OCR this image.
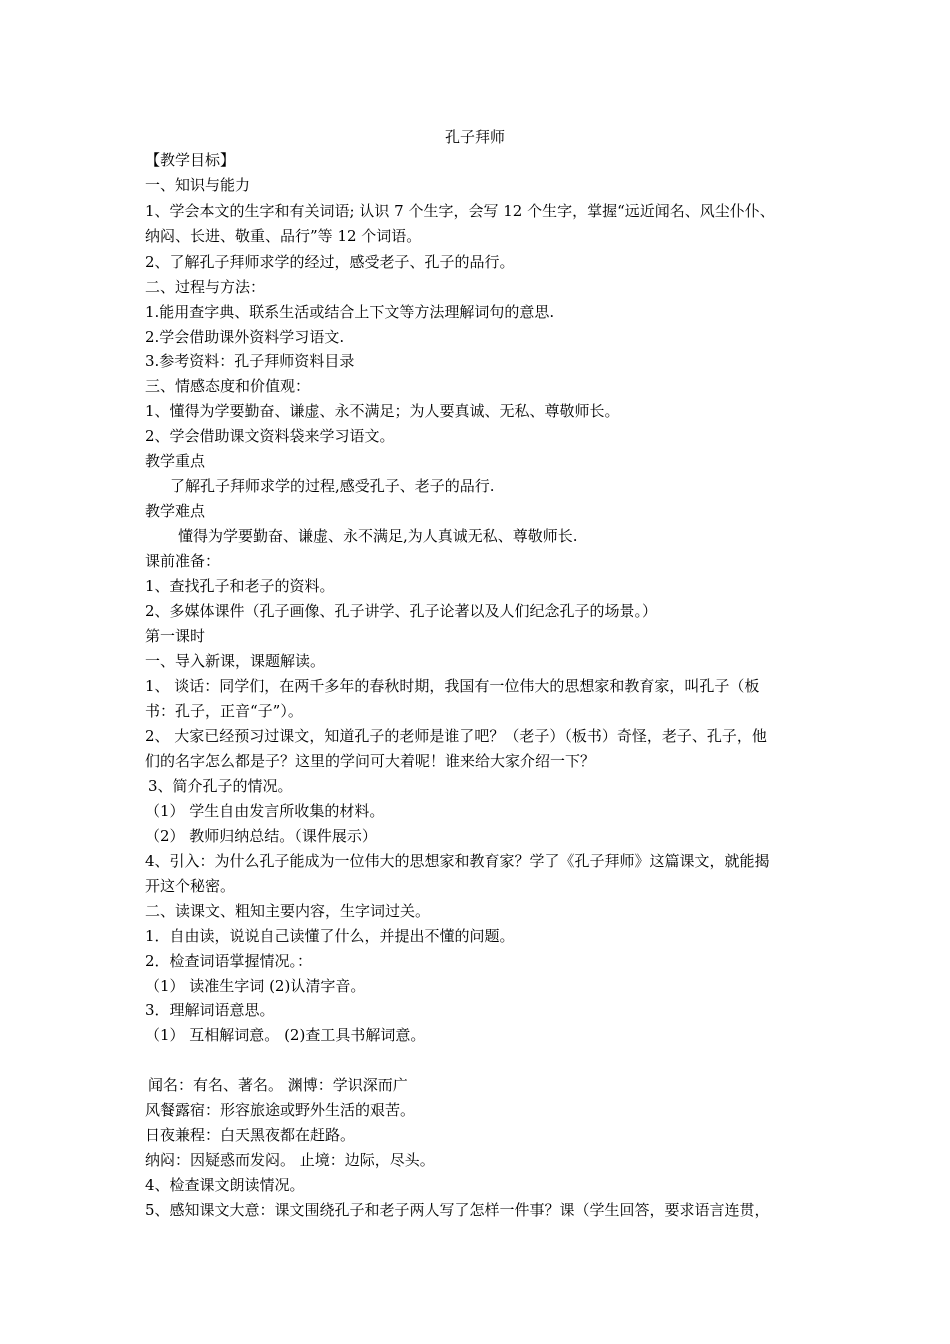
孔子拜师
【教学目标】
一、知识与能力
1、学会本文的生字和有关词语; 认识 7 个生字，会写 12 个生字，掌握“远近闻名、风尘仆仆、
纳闷、长进、敬重、品行”等 12 个词语。
2、了解孔子拜师求学的经过，感受老子、孔子的品行。
二、过程与方法：
1.能用查字典、联系生活或结合上下文等方法理解词句的意思.
2.学会借助课外资料学习语文.
3.参考资料：孔子拜师资料目录
三、情感态度和价值观：
1、懂得为学要勤奋、谦虚、永不满足；为人要真诚、无私、尊敬师长。
2、学会借助课文资料袋来学习语文。
教学重点
了解孔子拜师求学的过程,感受孔子、老子的品行.
教学难点
懂得为学要勤奋、谦虚、永不满足,为人真诚无私、尊敬师长.
课前准备：
1、查找孔子和老子的资料。
2、多媒体课件（孔子画像、孔子讲学、孔子论著以及人们纪念孔子的场景。）
第一课时
一、导入新课，课题解读。
1、 谈话：同学们，在两千多年的春秋时期，我国有一位伟大的思想家和教育家，叫孔子（板
书：孔子，正音“子”）。
2、 大家已经预习过课文，知道孔子的老师是谁了吧？（老子）（板书）奇怪，老子、孔子，他
们的名字怎么都是子？这里的学问可大着呢！谁来给大家介绍一下？
3、简介孔子的情况。
（1） 学生自由发言所收集的材料。
（2） 教师归纳总结。（课件展示）
4、引入：为什么孔子能成为一位伟大的思想家和教育家？学了《孔子拜师》这篇课文，就能揭
开这个秘密。
二、读课文、粗知主要内容，生字词过关。
1．自由读，说说自己读懂了什么，并提出不懂的问题。
2．检查词语掌握情况。：
（1） 读准生字词 (2)认清字音。
3．理解词语意思。
（1） 互相解词意。 (2)查工具书解词意。
闻名：有名、著名。 渊博：学识深而广
风餐露宿：形容旅途或野外生活的艰苦。
日夜兼程：白天黑夜都在赶路。
纳闷：因疑惑而发闷。 止境：边际，尽头。
4、检查课文朗读情况。
5、感知课文大意：课文围绕孔子和老子两人写了怎样一件事？课（学生回答，要求语言连贯，
